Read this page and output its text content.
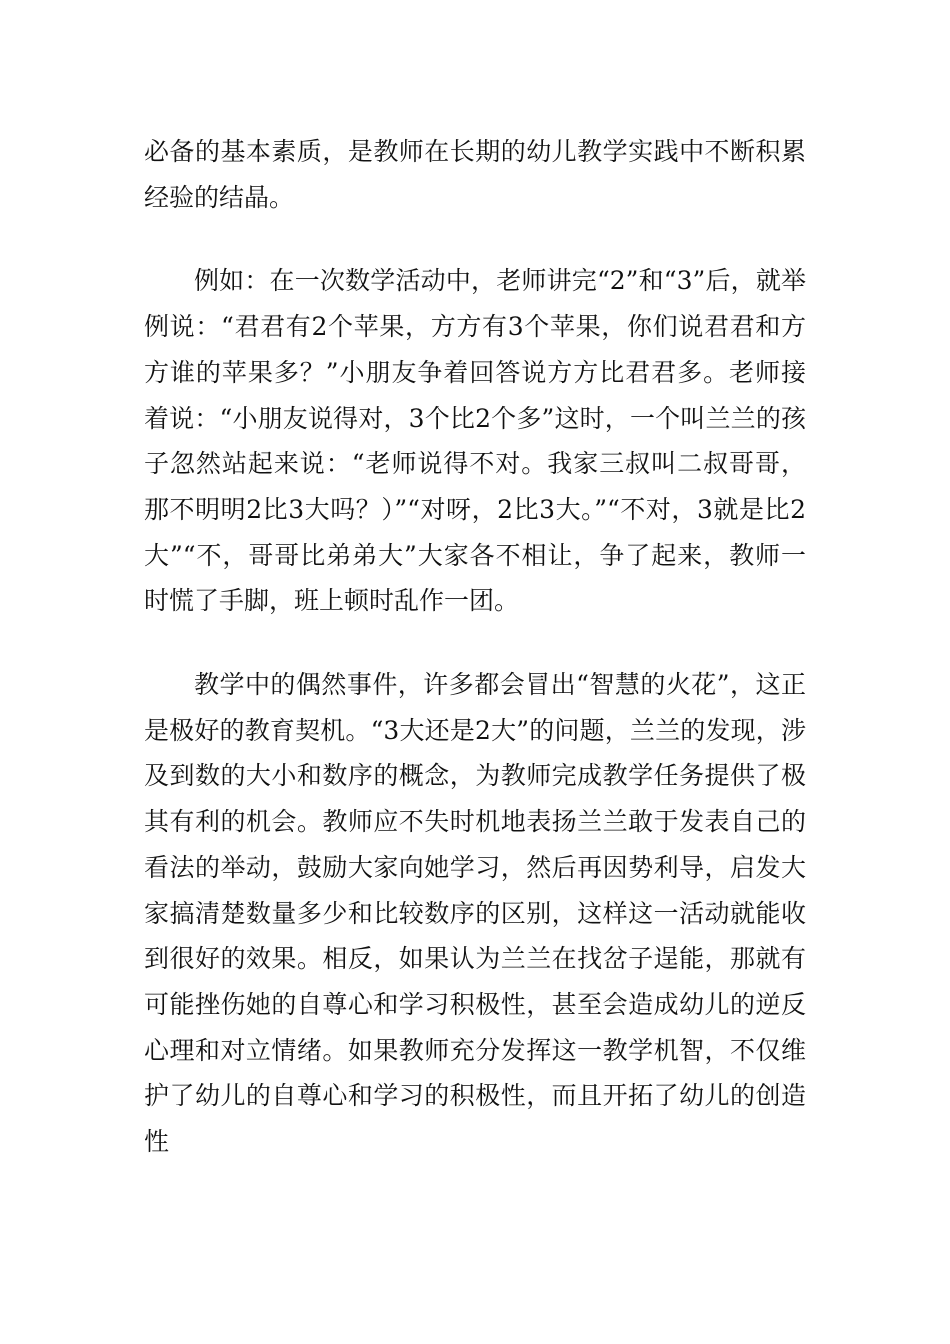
必备的基本素质，是教师在长期的幼儿教学实践中不断积累经验的结晶。

例如：在一次数学活动中，老师讲完“2”和“3”后，就举例说：“君君有2个苹果，方方有3个苹果，你们说君君和方方谁的苹果多？”小朋友争着回答说方方比君君多。老师接着说：“小朋友说得对，3个比2个多”这时，一个叫兰兰的孩子忽然站起来说：“老师说得不对。我家三叔叫二叔哥哥，那不明明2比3大吗？）”“对呀，2比3大。”“不对，3就是比2大”“不，哥哥比弟弟大”大家各不相让，争了起来，教师一时慌了手脚，班上顿时乱作一团。

教学中的偶然事件，许多都会冒出“智慧的火花”，这正是极好的教育契机。“3大还是2大”的问题，兰兰的发现，涉及到数的大小和数序的概念，为教师完成教学任务提供了极其有利的机会。教师应不失时机地表扬兰兰敢于发表自己的看法的举动，鼓励大家向她学习，然后再因势利导，启发大家搞清楚数量多少和比较数序的区别，这样这一活动就能收到很好的效果。相反，如果认为兰兰在找岔子逞能，那就有可能挫伤她的自尊心和学习积极性，甚至会造成幼儿的逆反心理和对立情绪。如果教师充分发挥这一教学机智，不仅维护了幼儿的自尊心和学习的积极性，而且开拓了幼儿的创造性
